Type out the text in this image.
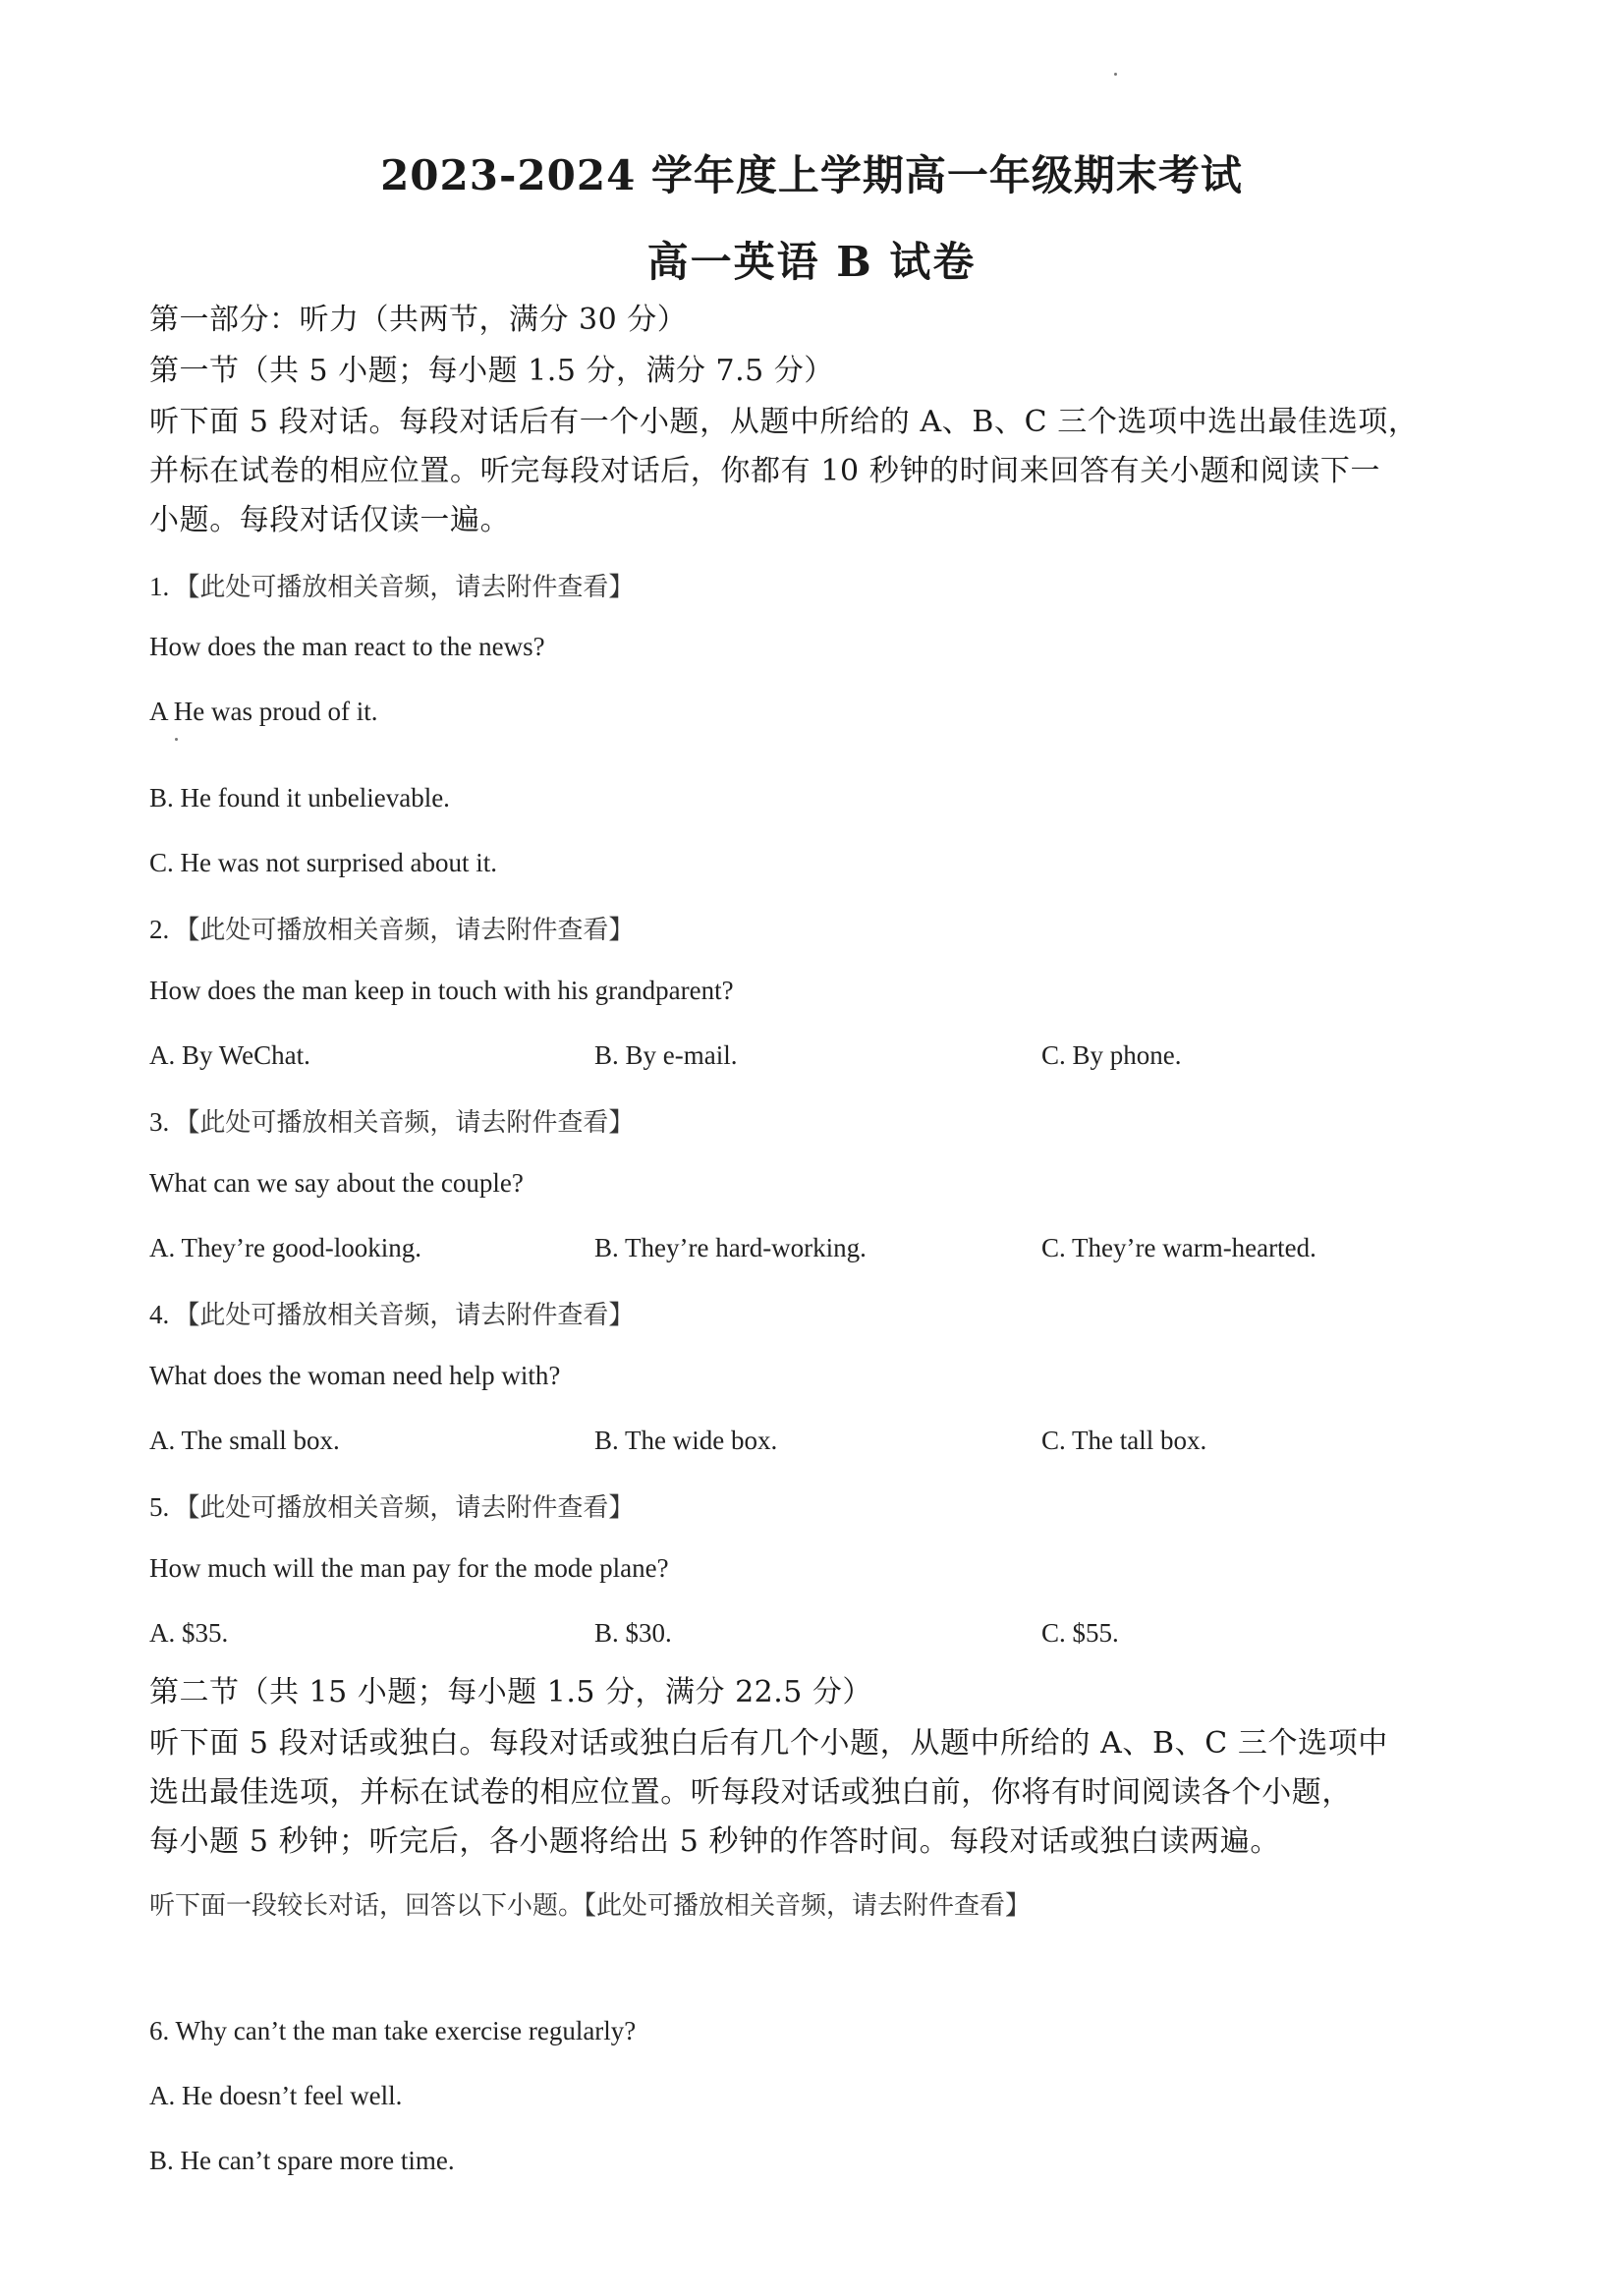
2023-2024 学年度上学期高一年级期末考试
高一英语 B 试卷
第一部分：听力（共两节，满分 30 分）
第一节（共 5 小题；每小题 1.5 分，满分 7.5 分）
听下面 5 段对话。每段对话后有一个小题，从题中所给的 A、B、C 三个选项中选出最佳选项，
并标在试卷的相应位置。听完每段对话后，你都有 10 秒钟的时间来回答有关小题和阅读下一
小题。每段对话仅读一遍。
1. 【此处可播放相关音频，请去附件查看】
How does the man react to the news?
A He was proud of it.
B. He found it unbelievable.
C. He was not surprised about it.
2. 【此处可播放相关音频，请去附件查看】
How does the man keep in touch with his grandparent?
A. By WeChat.	B. By e-mail.	C. By phone.
3. 【此处可播放相关音频，请去附件查看】
What can we say about the couple?
A. They’re good-looking.	B. They’re hard-working.	C. They’re warm-hearted.
4. 【此处可播放相关音频，请去附件查看】
What does the woman need help with?
A. The small box.	B. The wide box.	C. The tall box.
5. 【此处可播放相关音频，请去附件查看】
How much will the man pay for the mode plane?
A. $35.	B. $30.	C. $55.
第二节（共 15 小题；每小题 1.5 分，满分 22.5 分）
听下面 5 段对话或独白。每段对话或独白后有几个小题，从题中所给的 A、B、C 三个选项中
选出最佳选项，并标在试卷的相应位置。听每段对话或独白前，你将有时间阅读各个小题，
每小题 5 秒钟；听完后，各小题将给出 5 秒钟的作答时间。每段对话或独白读两遍。
听下面一段较长对话，回答以下小题。【此处可播放相关音频，请去附件查看】
6. Why can’t the man take exercise regularly?
A. He doesn’t feel well.
B. He can’t spare more time.
